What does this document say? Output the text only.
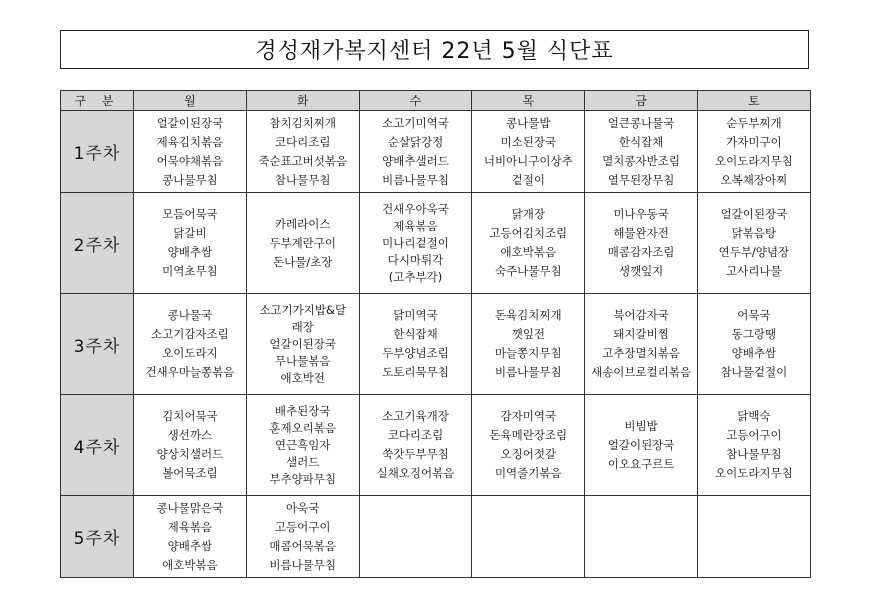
경성재가복지센터 22년 5월 식단표
구 분	월	화	수	목	금	토
1주차	얼갈이된장국
제육김치볶음
어묵야채볶음
콩나물무침	참치김치찌개
코다리조림
죽순표고버섯볶음
참나물무침	소고기미역국
순살닭강정
양배추샐러드
비름나물무침	콩나물밥
미소된장국
너비아니구이상추
겉절이	얼큰콩나물국
한식잡채
멸치콩자반조림
열무된장무침	순두부찌개
가자미구이
오이도라지무침
오복채장아찌

2주차	모듬어묵국
닭갈비
양배추쌈
미역초무침	카레라이스
두부계란구이
돈나물/초장	건새우아욱국
제육볶음
미나리겉절이
다시마튀각
(고추부각)	닭개장
고등어김치조림
애호박볶음
숙주나물무침	미나우동국
해물완자전
매콤감자조림
생깻잎지	얼갈이된장국
닭볶음탕
연두부/양념장
고사리나물

3주차	콩나물국
소고기감자조림
오이도라지
건새우마늘쫑볶음	소고기가지밥&달
래장
얼갈이된장국
무나물볶음
애호박전	닭미역국
한식잡채
두부양념조림
도토리묵무침	돈육김치찌개
깻잎전
마늘쫑지무침
비름나물무침	북어감자국
돼지갈비찜
고추장멸치볶음
새송이브로컬리볶음	어묵국
동그랑땡
양배추쌈
참나물겉절이

4주차	김치어묵국
생선까스
양상치샐러드
볼어묵조림	배추된장국
훈제오리볶음
연근흑임자
샐러드
부추양파무침	소고기육개장
코다리조림
쑥갓두부무침
실채오징어볶음	감자미역국
돈육메란장조림
오징어젓갈
미역줄기볶음	비빔밥
얼갈이된장국
이오요구르트	닭백숙
고등어구이
참나물무침
오이도라지무침

5주차	콩나물맑은국
제육볶음
양배추쌈
애호박볶음	아욱국
고등어구이
매콤어묵볶음
비름나물무침				
